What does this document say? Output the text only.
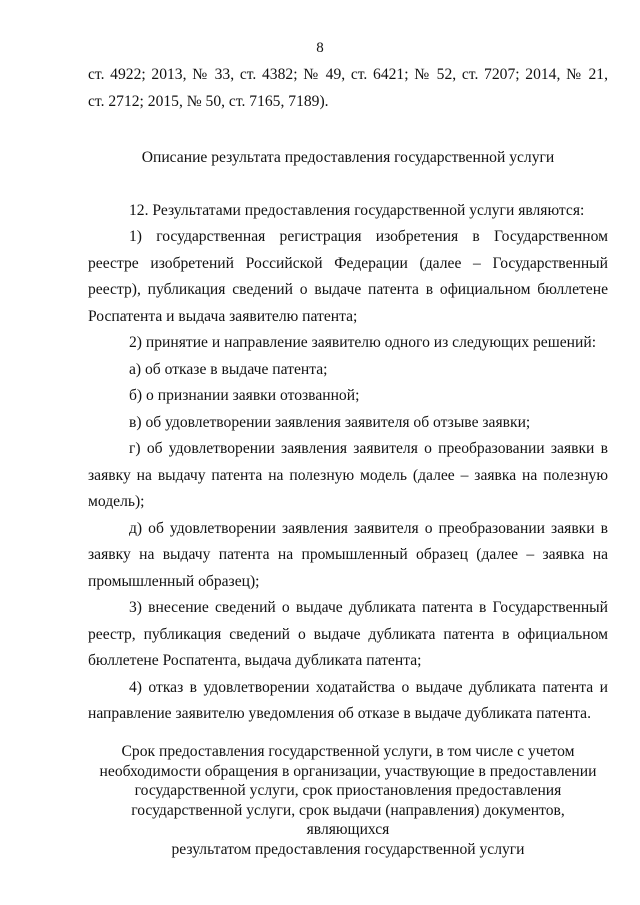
8

ст. 4922; 2013, № 33, ст. 4382; № 49, ст. 6421; № 52, ст. 7207; 2014, № 21,

ст. 2712; 2015, № 50, ст. 7165, 7189).

Описание результата предоставления государственной услуги

12. Результатами предоставления государственной услуги являются:

1) государственная регистрация изобретения в Государственном реестре изобретений Российской Федерации (далее – Государственный реестр), публикация сведений о выдаче патента в официальном бюллетене Роспатента и выдача заявителю патента;

2) принятие и направление заявителю одного из следующих решений:

а) об отказе в выдаче патента;

б) о признании заявки отозванной;

в) об удовлетворении заявления заявителя об отзыве заявки;

г) об удовлетворении заявления заявителя о преобразовании заявки в заявку на выдачу патента на полезную модель (далее – заявка на полезную модель);

д) об удовлетворении заявления заявителя о преобразовании заявки в заявку на выдачу патента на промышленный образец (далее – заявка на промышленный образец);

3) внесение сведений о выдаче дубликата патента в Государственный реестр, публикация сведений о выдаче дубликата патента в официальном бюллетене Роспатента, выдача дубликата патента;

4) отказ в удовлетворении ходатайства о выдаче дубликата патента и направление заявителю уведомления об отказе в выдаче дубликата патента.

Срок предоставления государственной услуги, в том числе с учетом

необходимости обращения в организации, участвующие в предоставлении

государственной услуги, срок приостановления предоставления

государственной услуги, срок выдачи (направления) документов, являющихся

результатом предоставления государственной услуги
